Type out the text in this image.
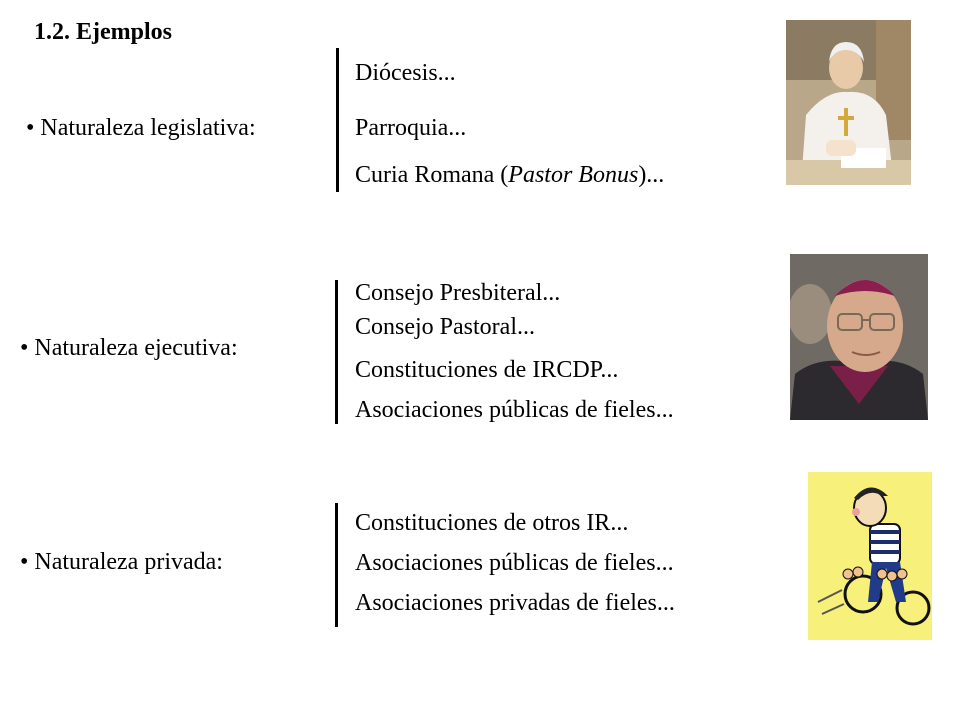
1.2. Ejemplos
• Naturaleza legislativa:
Diócesis...
Parroquia...
Curia Romana (Pastor Bonus)...
• Naturaleza ejecutiva:
Consejo Presbiteral...
Consejo Pastoral...
Constituciones de IRCDP...
Asociaciones públicas de fieles...
• Naturaleza privada:
Constituciones de otros IR...
Asociaciones públicas de fieles...
Asociaciones privadas de fieles...
